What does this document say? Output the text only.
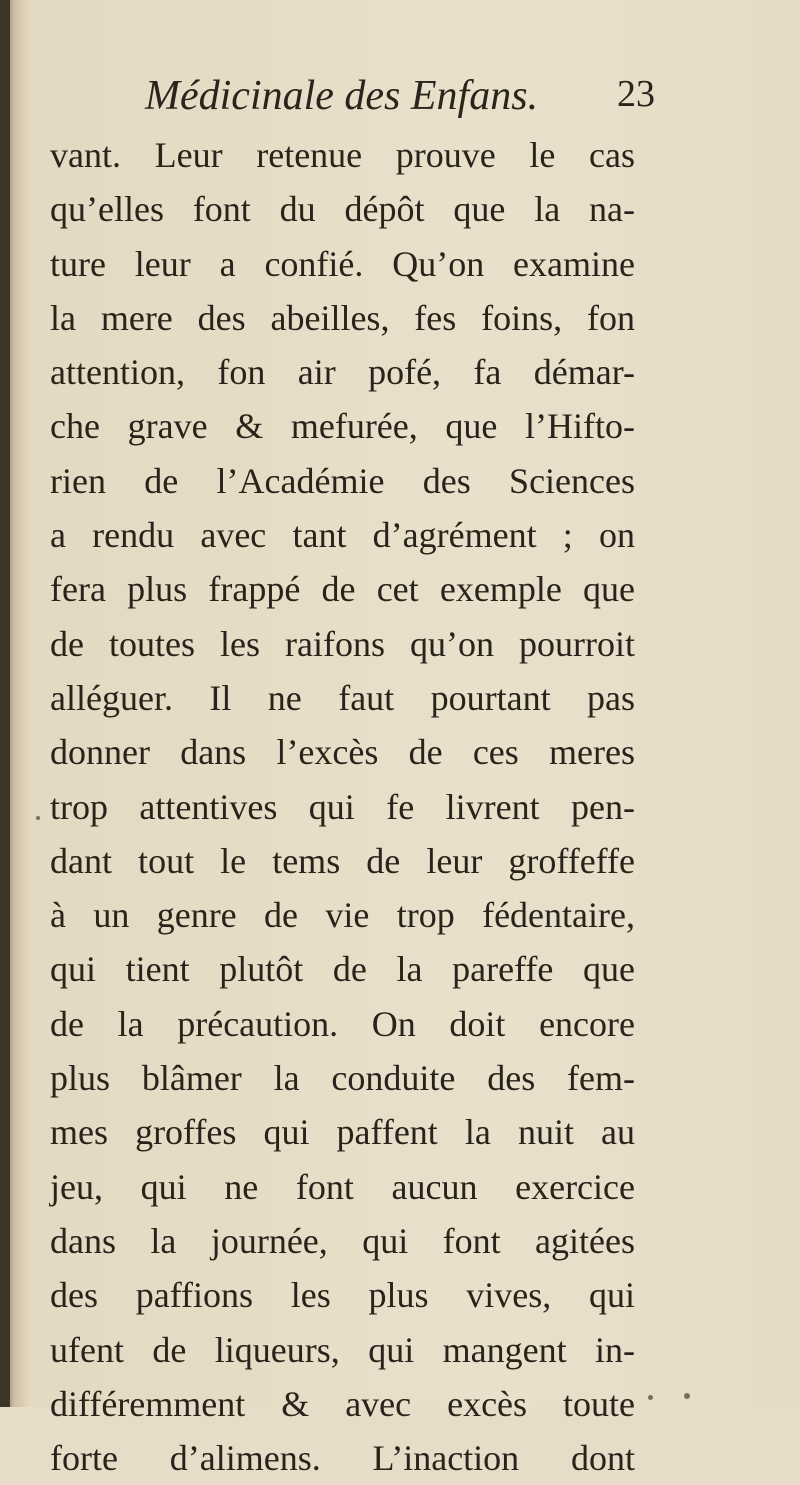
Médicinale des Enfans. 23
vant. Leur retenue prouve le cas
qu’elles font du dépôt que la na-
ture leur a confié. Qu’on examine
la mere des abeilles, fes foins, fon
attention, fon air pofé, fa démar-
che grave & mefurée, que l’Hifto-
rien de l’Académie des Sciences
a rendu avec tant d’agrément ; on
fera plus frappé de cet exemple que
de toutes les raifons qu’on pourroit
alléguer. Il ne faut pourtant pas
donner dans l’excès de ces meres
trop attentives qui fe livrent pen-
dant tout le tems de leur groffeffe
à un genre de vie trop fédentaire,
qui tient plutôt de la pareffe que
de la précaution. On doit encore
plus blâmer la conduite des fem-
mes groffes qui paffent la nuit au
jeu, qui ne font aucun exercice
dans la journée, qui font agitées
des paffions les plus vives, qui
ufent de liqueurs, qui mangent in-
différemment & avec excès toute
forte d’alimens. L’inaction dont
